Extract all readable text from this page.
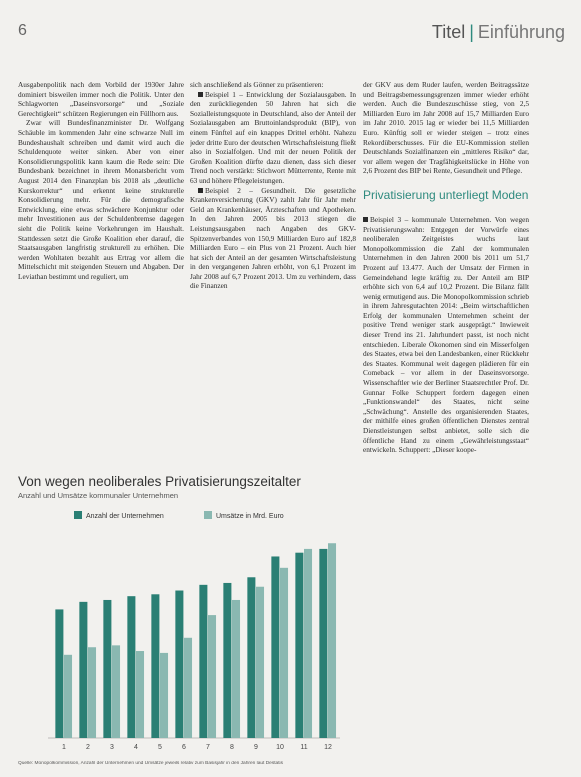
6	Titel | Einführung

Ausgabenpolitik nach dem Vorbild der 1930er Jahre dominiert bisweilen immer noch die Politik. Unter den Schlagworten „Daseinsvorsorge“ und „Soziale Gerechtigkeit“ schützen Regierungen ein Füllhorn aus.

Zwar will Bundesfinanzminister Dr. Wolfgang Schäuble im kommenden Jahr eine schwarze Null im Bundeshaushalt schreiben und damit wird auch die Schuldenquote weiter sinken. Aber von einer Konsolidierungspolitik kann kaum die Rede sein: Die Bundesbank bezeichnet in ihrem Monatsbericht vom August 2014 den Finanzplan bis 2018 als „deutliche Kurskorrektur“ und erkennt keine strukturelle Konsolidierung mehr. Für die demografische Entwicklung, eine etwas schwächere Konjunktur oder mehr Investitionen aus der Schuldenbremse dagegen sieht die Politik keine Vorkehrungen im Haushalt. Stattdessen setzt die Große Koalition eher darauf, die Staatsausgaben langfristig strukturell zu erhöhen. Die werden Wohltaten bezahlt aus Ertrag vor allem die Mittelschicht mit steigenden Steuern und Abgaben. Der Leviathan bestimmt und reguliert, um

sich anschließend als Gönner zu präsentieren:

Beispiel 1 – Entwicklung der Sozialausgaben. In den zurückliegenden 50 Jahren hat sich die Sozialleistungsquote in Deutschland, also der Anteil der Sozialausgaben am Bruttoinlandsprodukt (BIP), von einem Fünftel auf ein knappes Drittel erhöht. Nahezu jeder dritte Euro der deutschen Wirtschaftsleistung fließt also in Sozialfolgen. Und mit der neuen Politik der Großen Koalition dürfte dazu dienen, dass sich dieser Trend noch verstärkt: Stichwort Mütterrente, Rente mit 63 und höhere Pflegeleistungen.

Beispiel 2 – Gesundheit. Die gesetzliche Krankenversicherung (GKV) zahlt Jahr für Jahr mehr Geld an Krankenhäuser, Ärzteschaften und Apotheken. In den Jahren 2005 bis 2013 stiegen die Leistungsausgaben nach Angaben des GKV-Spitzenverbandes von 150,9 Milliarden Euro auf 182,8 Milliarden Euro – ein Plus von 21 Prozent. Auch hier hat sich der Anteil an der gesamten Wirtschaftsleistung in den vergangenen Jahren erhöht, von 6,1 Prozent im Jahr 2008 auf 6,7 Prozent 2013. Um zu verhindern, dass die Finanzen

der GKV aus dem Ruder laufen, werden Beitragssätze und Beitragsbemessungsgrenzen immer wieder erhöht werden. Auch die Bundeszuschüsse stieg, von 2,5 Milliarden Euro im Jahr 2008 auf 15,7 Milliarden Euro im Jahr 2010. 2015 lag er wieder bei 11,5 Milliarden Euro. Künftig soll er wieder steigen – trotz eines Rekordüberschusses. Für die EU-Kommission stellen Deutschlands Sozialfinanzen ein „mittleres Risiko“ dar, vor allem wegen der Tragfähigkeitslücke in Höhe von 2,6 Prozent des BIP bei Rente, Gesundheit und Pflege.

Privatisierung unterliegt Moden

Beispiel 3 – kommunale Unternehmen. Von wegen Privatisierungswahn: Entgegen der Vorwürfe eines neoliberalen Zeitgeistes wuchs laut Monopolkommission die Zahl der kommunalen Unternehmen in den Jahren 2000 bis 2011 um 51,7 Prozent auf 13.477. Auch der Umsatz der Firmen in Gemeindehand legte kräftig zu. Der Anteil am BIP erhöhte sich von 6,4 auf 10,2 Prozent. Die Bilanz fällt wenig ermutigend aus. Die Monopolkommission schrieb in ihrem Jahresgutachten 2014: „Beim wirtschaftlichen Erfolg der kommunalen Unternehmen scheint der positive Trend weniger stark ausgeprägt.“ Inwieweit dieser Trend ins 21. Jahrhundert passt, ist noch nicht entschieden. Liberale Ökonomen sind ein Misserfolgen des Staates, etwa bei den Landesbanken, einer Rückkehr des Staates. Kommunal weit dagegen plädieren für ein Comeback – vor allem in der Daseinsvorsorge. Wissenschaftler wie der Berliner Staatsrechtler Prof. Dr. Gunnar Folke Schuppert fordern dagegen einen „Funktionswandel“ des Staates, nicht seine „Schwächung“. Anstelle des organisierenden Staates, der mithilfe eines großen öffentlichen Dienstes zentral Dienstleistungen selbst anbietet, solle sich die öffentliche Hand zu einem „Gewährleistungsstaat“ entwickeln. Schuppert: „Dieser koope-

Von wegen neoliberales Privatisierungszeitalter
Anzahl und Umsätze kommunaler Unternehmen
Anzahl der Unternehmen	Umsätze in Mrd. Euro
1	2	3	4	5	6	7	8	9	10 11 12
Quelle: Monopolkommission, Anzahl der Unternehmen und Umsätze jeweils relativ zum Basisjahr in den Jahren laut Destatis
